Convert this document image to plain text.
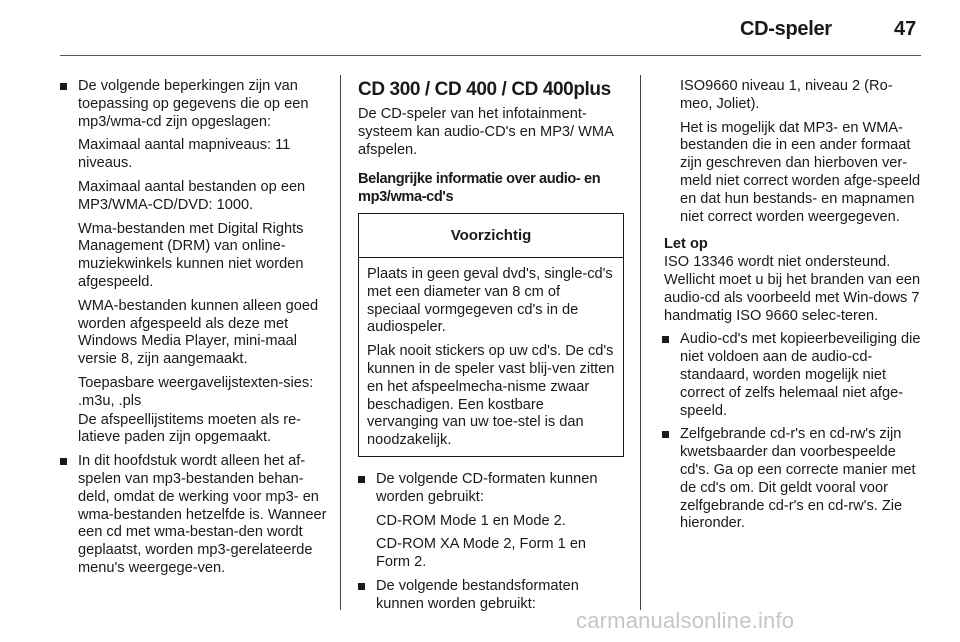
CD-speler	47

De volgende beperkingen zijn van toepassing op gegevens die op een mp3/wma-cd zijn opgeslagen:

Maximaal aantal mapniveaus: 11 niveaus.

Maximaal aantal bestanden op een MP3/WMA-CD/DVD: 1000.

Wma-bestanden met Digital Rights Management (DRM) van online-muziekwinkels kunnen niet worden afgespeeld.

WMA-bestanden kunnen alleen goed worden afgespeeld als deze met Windows Media Player, mini-maal versie 8, zijn aangemaakt.

Toepasbare weergavelijstexten-sies: .m3u, .pls

De afspeellijstitems moeten als re-latieve paden zijn opgemaakt.

In dit hoofdstuk wordt alleen het af-spelen van mp3-bestanden behan-deld, omdat de werking voor mp3- en wma-bestanden hetzelfde is. Wanneer een cd met wma-bestan-den wordt geplaatst, worden mp3-gerelateerde menu's weergege-ven.

CD 300 / CD 400 / CD 400plus

De CD-speler van het infotainment-systeem kan audio-CD's en MP3/ WMA afspelen.

Belangrijke informatie over audio- en mp3/wma-cd's

Voorzichtig

Plaats in geen geval dvd's, single-cd's met een diameter van 8 cm of speciaal vormgegeven cd's in de audiospeler.

Plak nooit stickers op uw cd's. De cd's kunnen in de speler vast blij-ven zitten en het afspeelmecha-nisme zwaar beschadigen. Een kostbare vervanging van uw toe-stel is dan noodzakelijk.

De volgende CD-formaten kunnen worden gebruikt:

CD-ROM Mode 1 en Mode 2.

CD-ROM XA Mode 2, Form 1 en Form 2.

De volgende bestandsformaten kunnen worden gebruikt:

ISO9660 niveau 1, niveau 2 (Ro-meo, Joliet).

Het is mogelijk dat MP3- en WMA-bestanden die in een ander formaat zijn geschreven dan hierboven ver-meld niet correct worden afge-speeld en dat hun bestands- en mapnamen niet correct worden weergegeven.

Let op
ISO 13346 wordt niet ondersteund. Wellicht moet u bij het branden van een audio-cd als voorbeeld met Win-dows 7 handmatig ISO 9660 selec-teren.

Audio-cd's met kopieerbeveiliging die niet voldoen aan de audio-cd-standaard, worden mogelijk niet correct of zelfs helemaal niet afge-speeld.

Zelfgebrande cd-r's en cd-rw's zijn kwetsbaarder dan voorbespeelde cd's. Ga op een correcte manier met de cd's om. Dit geldt vooral voor zelfgebrande cd-r's en cd-rw's. Zie hieronder.

carmanualsonline.info
